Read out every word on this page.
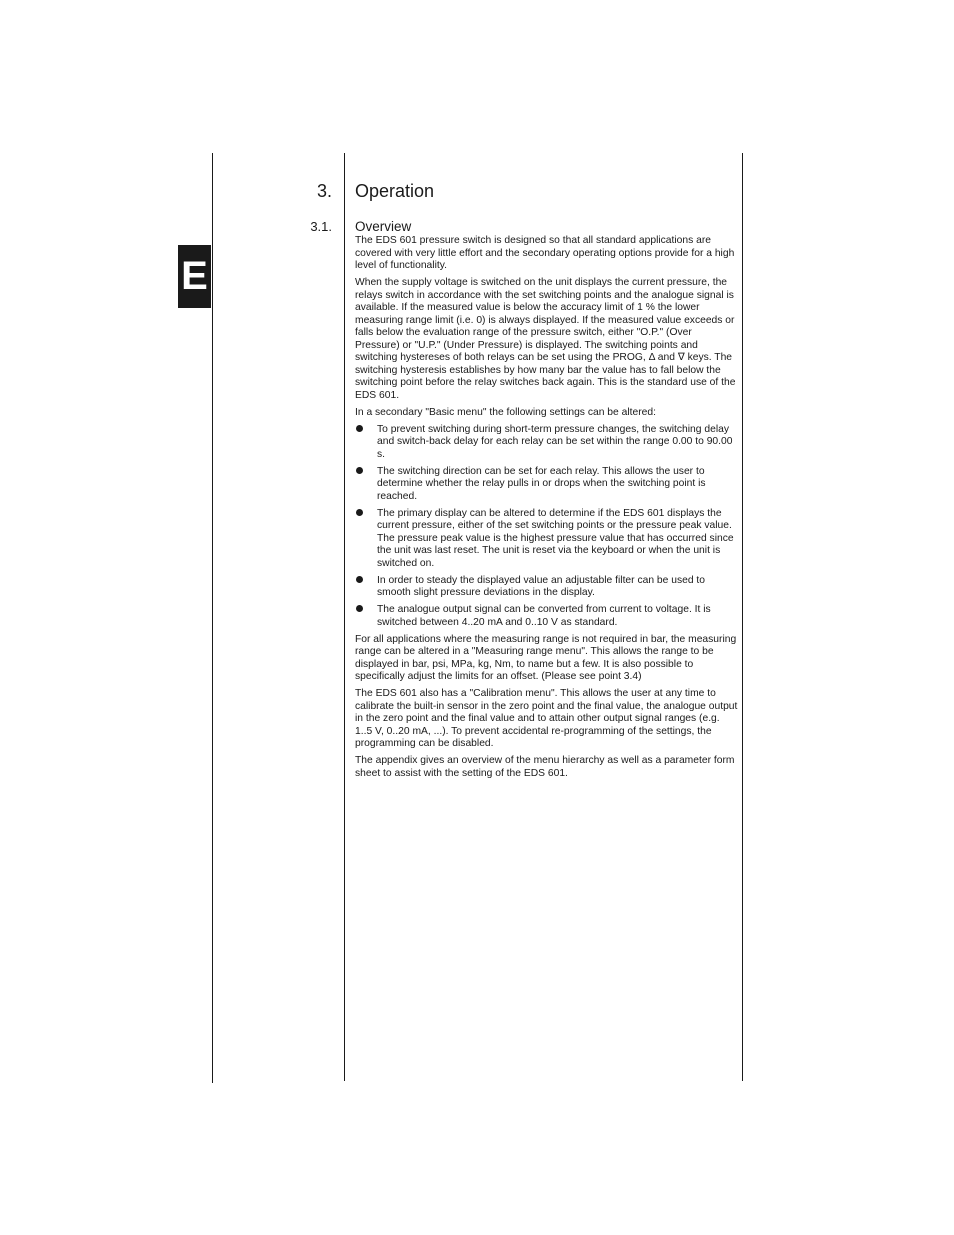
E
3. Operation
3.1. Overview

The EDS 601 pressure switch is designed so that all standard applications are covered with very little effort and the secondary operating options provide for a high level of functionality.

When the supply voltage is switched on the unit displays the current pressure, the relays switch in accordance with the set switching points and the analogue signal is available. If the measured value is below the accuracy limit of 1 % the lower measuring range limit (i.e. 0) is always displayed. If the measured value exceeds or falls below the evaluation range of the pressure switch, either "O.P." (Over Pressure) or "U.P." (Under Pressure) is displayed. The switching points and switching hystereses of both relays can be set using the PROG, Δ and ∇ keys. The switching hysteresis establishes by how many bar the value has to fall below the switching point before the relay switches back again. This is the standard use of the EDS 601.

In a secondary "Basic menu" the following settings can be altered:

To prevent switching during short-term pressure changes, the switching delay and switch-back delay for each relay can be set within the range 0.00 to 90.00 s.
The switching direction can be set for each relay. This allows the user to determine whether the relay pulls in or drops when the switching point is reached.
The primary display can be altered to determine if the EDS 601 displays the current pressure, either of the set switching points or the pressure peak value. The pressure peak value is the highest pressure value that has occurred since the unit was last reset. The unit is reset via the keyboard or when the unit is switched on.
In order to steady the displayed value an adjustable filter can be used to smooth slight pressure deviations in the display.
The analogue output signal can be converted from current to voltage. It is switched between 4..20 mA and 0..10 V as standard.

For all applications where the measuring range is not required in bar, the measuring range can be altered in a "Measuring range menu". This allows the range to be displayed in bar, psi, MPa, kg, Nm, to name but a few. It is also possible to specifically adjust the limits for an offset. (Please see point 3.4)

The EDS 601 also has a "Calibration menu". This allows the user at any time to calibrate the built-in sensor in the zero point and the final value, the analogue output in the zero point and the final value and to attain other output signal ranges (e.g. 1..5 V, 0..20 mA, ...). To prevent accidental re-programming of the settings, the programming can be disabled.

The appendix gives an overview of the menu hierarchy as well as a parameter form sheet to assist with the setting of the EDS 601.
